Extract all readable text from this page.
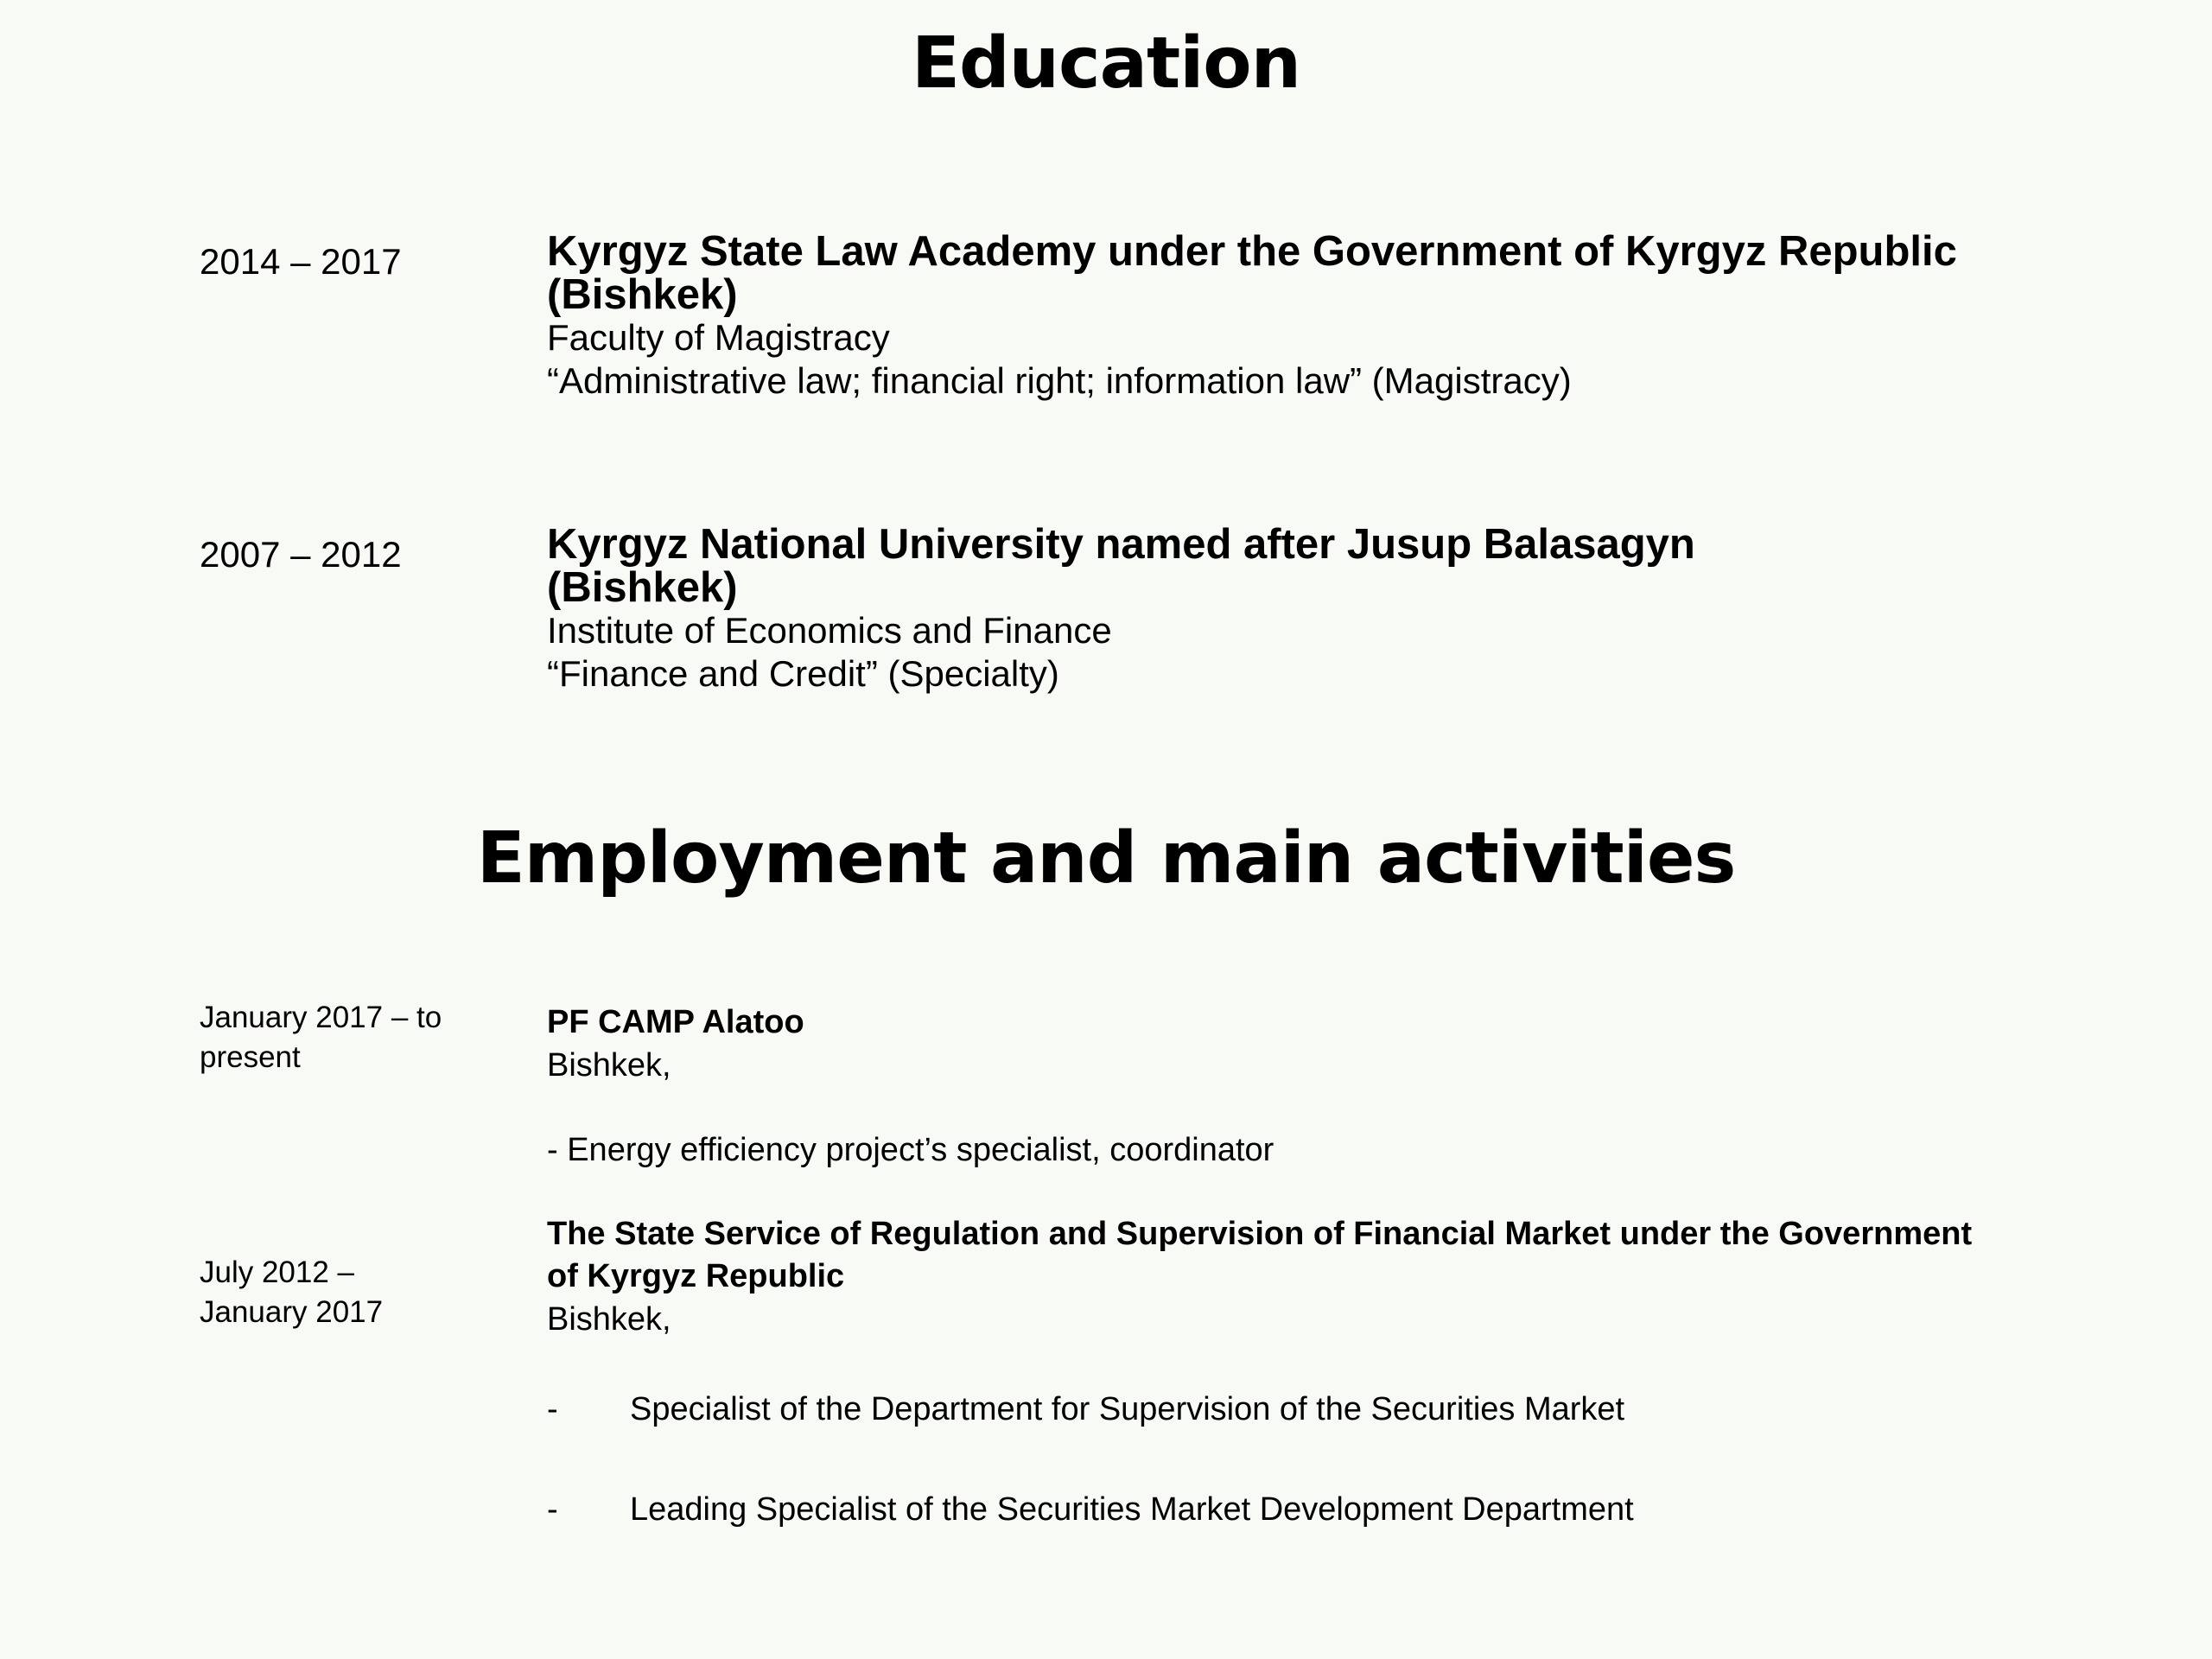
Education
2014 – 2017	Kyrgyz State Law Academy under the Government of Kyrgyz Republic
(Bishkek)
Faculty of Magistracy
“Administrative law; financial right; information law” (Magistracy)
2007 – 2012	Kyrgyz National University named after Jusup Balasagyn
(Bishkek)
Institute of Economics and Finance
“Finance and Credit” (Specialty)
Employment and main activities
January 2017 – to
present
PF CAMP Alatoo
Bishkek,
- Energy efficiency project’s specialist, coordinator
July 2012 –
January 2017
The State Service of Regulation and Supervision of Financial Market under the Government
of Kyrgyz Republic
Bishkek,
- Specialist of the Department for Supervision of the Securities Market
- Leading Specialist of the Securities Market Development Department
